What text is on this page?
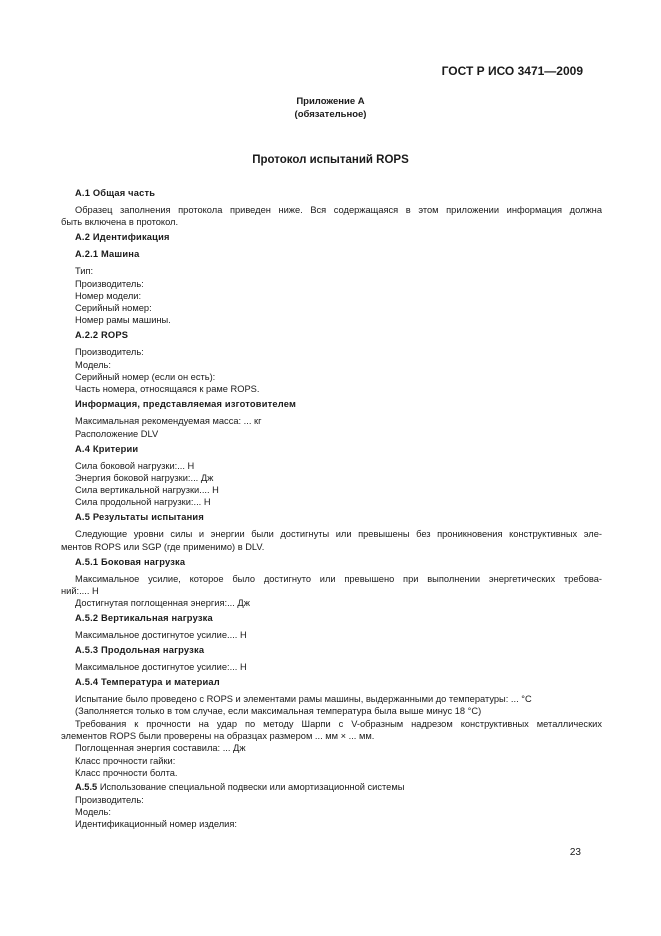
ГОСТ Р ИСО 3471—2009
Приложение А
(обязательное)
Протокол испытаний ROPS
А.1 Общая часть
Образец заполнения протокола приведен ниже. Вся содержащаяся в этом приложении информация должна
быть включена в протокол.
А.2 Идентификация
А.2.1 Машина
Тип:
Производитель:
Номер модели:
Серийный номер:
Номер рамы машины.
А.2.2 ROPS
Производитель:
Модель:
Серийный номер (если он есть):
Часть номера, относящаяся к раме ROPS.
Информация, представляемая изготовителем
Максимальная рекомендуемая масса: ... кг
Расположение DLV
А.4 Критерии
Сила боковой нагрузки:... Н
Энергия боковой нагрузки:... Дж
Сила вертикальной нагрузки.... Н
Сила продольной нагрузки:... Н
А.5 Результаты испытания
Следующие уровни силы и энергии были достигнуты или превышены без проникновения конструктивных эле-
ментов ROPS или SGP (где применимо) в DLV.
А.5.1 Боковая нагрузка
Максимальное усилие, которое было достигнуто или превышено при выполнении энергетических требова-
ний:.... Н
Достигнутая поглощенная энергия:... Дж
А.5.2 Вертикальная нагрузка
Максимальное достигнутое усилие.... Н
А.5.3 Продольная нагрузка
Максимальное достигнутое усилие:... Н
А.5.4 Температура и материал
Испытание было проведено с ROPS и элементами рамы машины, выдержанными до температуры: ... °С
(Заполняется только в том случае, если максимальная температура была выше минус 18 °С)
Требования к прочности на удар по методу Шарпи с V-образным надрезом конструктивных металлических
элементов ROPS были проверены на образцах размером ... мм × ... мм.
Поглощенная энергия составила: ... Дж
Класс прочности гайки:
Класс прочности болта.
А.5.5 Использование специальной подвески или амортизационной системы
Производитель:
Модель:
Идентификационный номер изделия:
23
